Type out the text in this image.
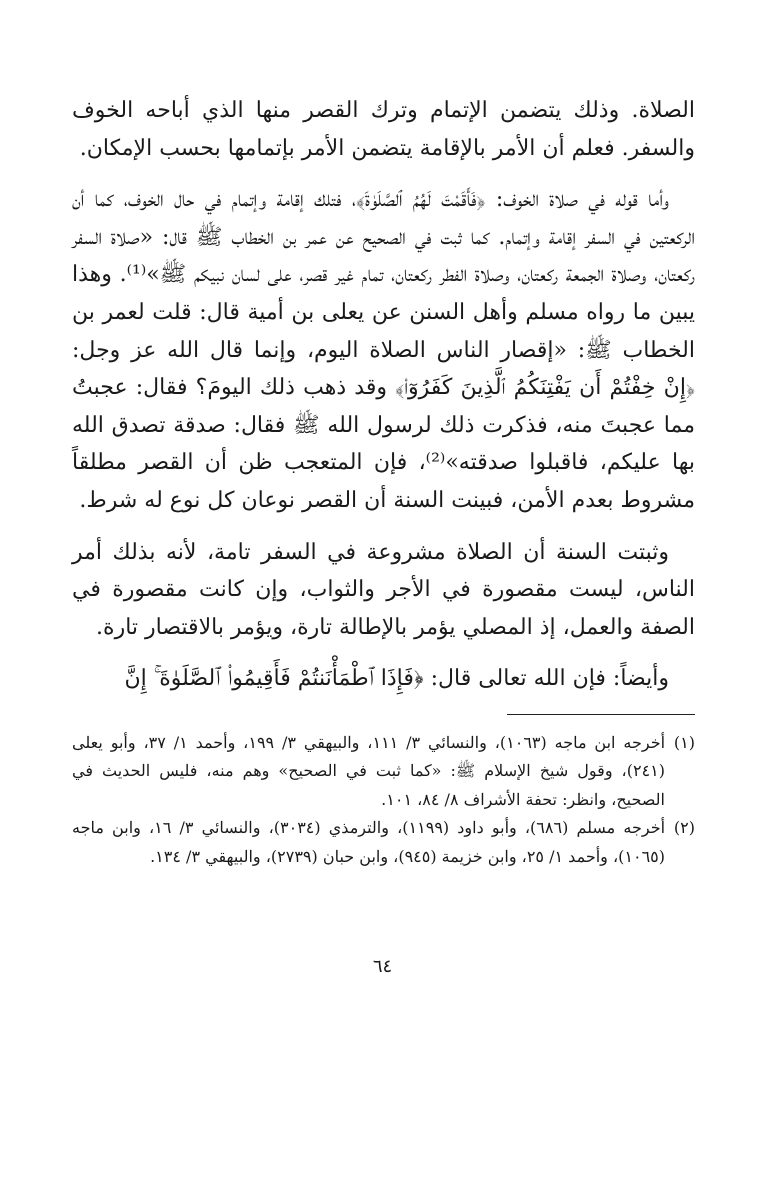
الصلاة. وذلك يتضمن الإتمام وترك القصر منها الذي أباحه الخوف والسفر. فعلم أن الأمر بالإقامة يتضمن الأمر بإتمامها بحسب الإمكان.

وأما قوله في صلاة الخوف: ﴿فَأَقَمْتَ لَهُمُ ٱلصَّلَوٰةَ﴾، فتلك إقامة وإتمام في حال الخوف، كما أن الركعتين في السفر إقامة وإتمام. كما ثبت في الصحيح عن عمر بن الخطاب ﷺ قال: «صلاة السفر ركعتان، وصلاة الجمعة ركعتان، وصلاة الفطر ركعتان، تمام غير قصر، على لسان نبيكم ﷺ»⁽¹⁾. وهذا يبين ما رواه مسلم وأهل السنن عن يعلى بن أمية قال: قلت لعمر بن الخطاب ﷺ: «إقصار الناس الصلاة اليوم، وإنما قال الله عز وجل: ﴿إِنْ خِفْتُمْ أَن يَفْتِنَكُمُ ٱلَّذِينَ كَفَرُوٓا۟﴾ وقد ذهب ذلك اليومَ؟ فقال: عجبتُ مما عجبتَ منه، فذكرت ذلك لرسول الله ﷺ فقال: صدقة تصدق الله بها عليكم، فاقبلوا صدقته»⁽²⁾، فإن المتعجب ظن أن القصر مطلقاً مشروط بعدم الأمن، فبينت السنة أن القصر نوعان كل نوع له شرط.

وثبتت السنة أن الصلاة مشروعة في السفر تامة، لأنه بذلك أمر الناس، ليست مقصورة في الأجر والثواب، وإن كانت مقصورة في الصفة والعمل، إذ المصلي يؤمر بالإطالة تارة، ويؤمر بالاقتصار تارة.

وأيضاً: فإن الله تعالى قال: ﴿فَإِذَا ٱطْمَأْنَنتُمْ فَأَقِيمُوا۟ ٱلصَّلَوٰةَ ۚ إِنَّ

(١)
أخرجه ابن ماجه (١٠٦٣)، والنسائي ٣/ ١١١، والبيهقي ٣/ ١٩٩، وأحمد ١/ ٣٧، وأبو يعلى (٢٤١)، وقول شيخ الإسلام ﷺ: «كما ثبت في الصحيح» وهم منه، فليس الحديث في الصحيح، وانظر: تحفة الأشراف ٨/ ٨٤، ١٠١.
(٢)
أخرجه مسلم (٦٨٦)، وأبو داود (١١٩٩)، والترمذي (٣٠٣٤)، والنسائي ٣/ ١٦، وابن ماجه (١٠٦٥)، وأحمد ١/ ٢٥، وابن خزيمة (٩٤٥)، وابن حبان (٢٧٣٩)، والبيهقي ٣/ ١٣٤.
٦٤
